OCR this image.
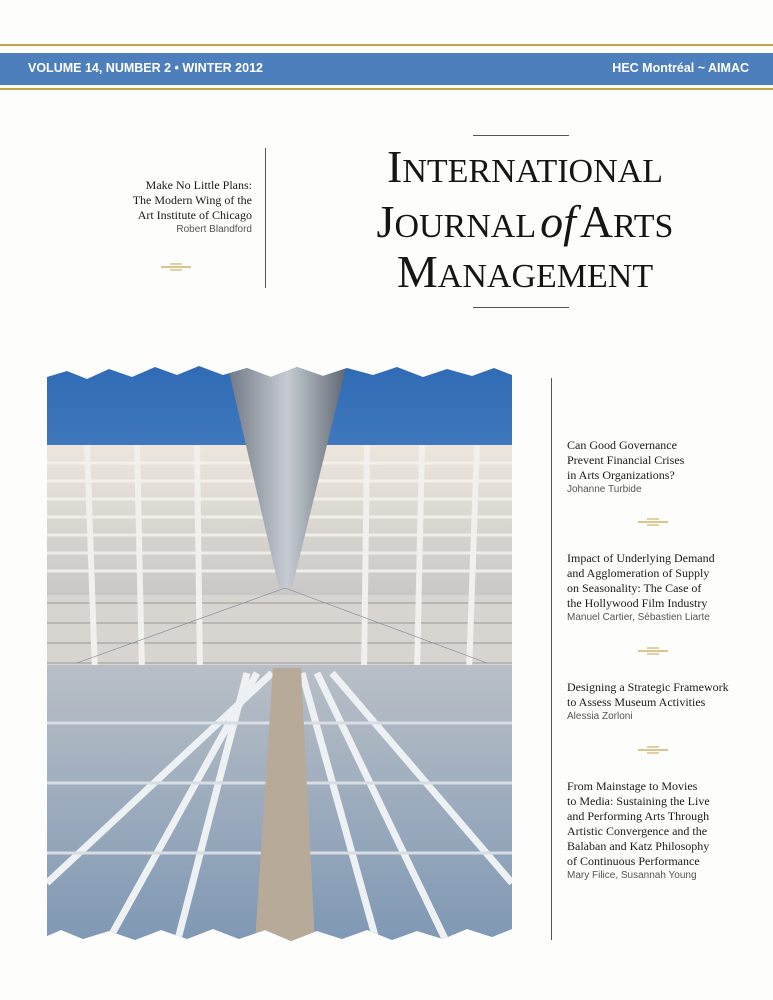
VOLUME 14, NUMBER 2 • WINTER 2012	HEC Montréal ~ AIMAC
Make No Little Plans:
The Modern Wing of the
Art Institute of Chicago
Robert Blandford
INTERNATIONAL
JOURNAL of ARTS
MANAGEMENT
Can Good Governance
Prevent Financial Crises
in Arts Organizations?
Johanne Turbide
Impact of Underlying Demand
and Agglomeration of Supply
on Seasonality: The Case of
the Hollywood Film Industry
Manuel Cartier, Sébastien Liarte
Designing a Strategic Framework
to Assess Museum Activities
Alessia Zorloni
From Mainstage to Movies
to Media: Sustaining the Live
and Performing Arts Through
Artistic Convergence and the
Balaban and Katz Philosophy
of Continuous Performance
Mary Filice, Susannah Young
